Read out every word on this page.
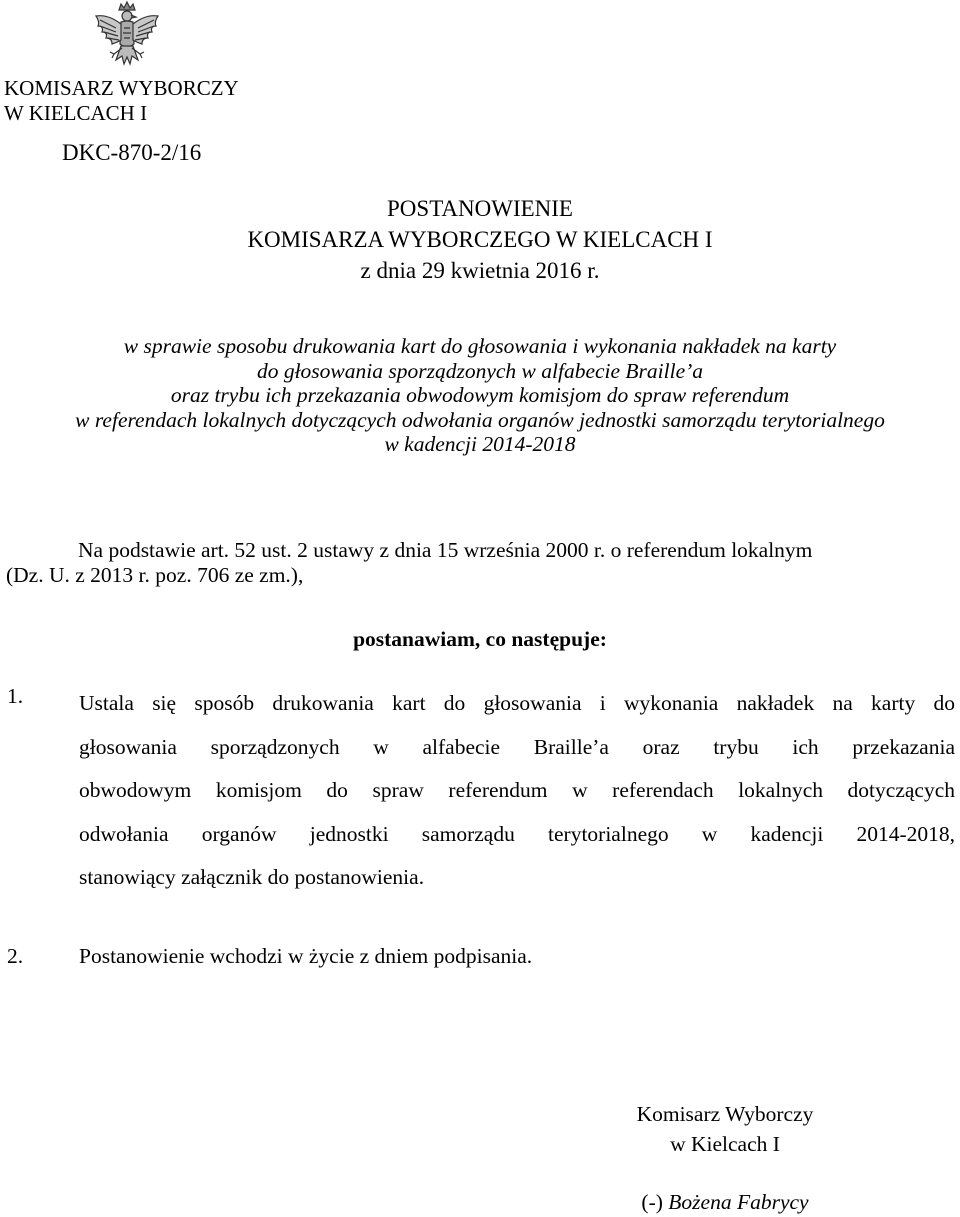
KOMISARZ WYBORCZY
W KIELCACH I
DKC-870-2/16
POSTANOWIENIE
KOMISARZA WYBORCZEGO W KIELCACH I
z dnia 29 kwietnia 2016 r.
w sprawie sposobu drukowania kart do głosowania i wykonania nakładek na karty
do głosowania sporządzonych w alfabecie Braille’a
oraz trybu ich przekazania obwodowym komisjom do spraw referendum
w referendach lokalnych dotyczących odwołania organów jednostki samorządu terytorialnego
w kadencji 2014-2018
Na podstawie art. 52 ust. 2 ustawy z dnia 15 września 2000 r. o referendum lokalnym
(Dz. U. z 2013 r. poz. 706 ze zm.),
postanawiam, co następuje:
1.	Ustala się sposób drukowania kart do głosowania i wykonania nakładek na karty do
głosowania sporządzonych w alfabecie Braille’a oraz trybu ich przekazania
obwodowym komisjom do spraw referendum w referendach lokalnych dotyczących
odwołania organów jednostki samorządu terytorialnego w kadencji 2014-2018,
stanowiący załącznik do postanowienia.
2.	Postanowienie wchodzi w życie z dniem podpisania.
Komisarz Wyborczy
w Kielcach I
(-) Bożena Fabrycy
